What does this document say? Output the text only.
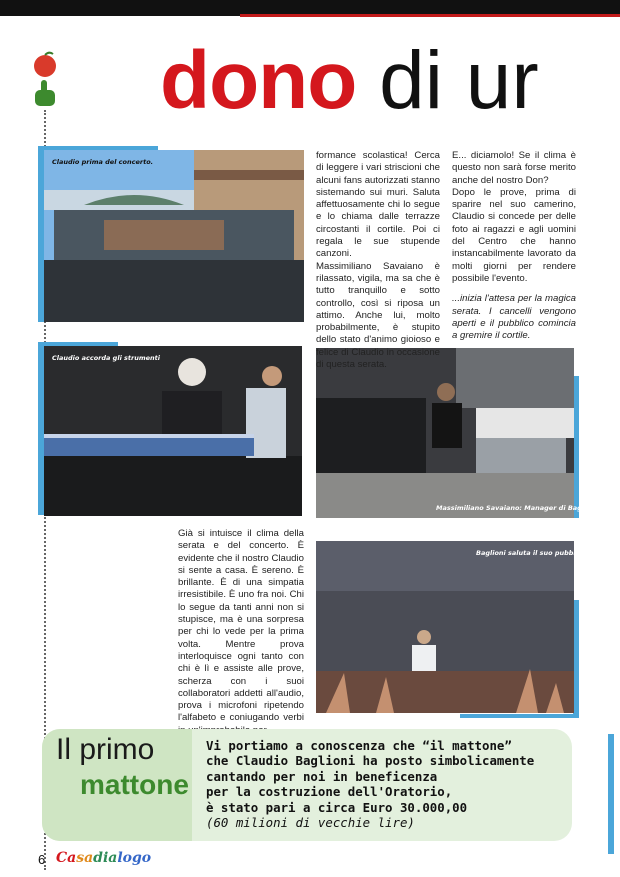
dono di ur
Claudio prima del concerto.
Claudio accorda gli strumenti
Massimiliano Savaiano: Manager di Baglioni
Baglioni saluta il suo pubblico

formance scolastica! Cerca di leggere i vari striscioni che alcuni fans autorizzati stanno sistemando sui muri. Saluta affettuosamente chi lo segue e lo chiama dalle terrazze circostanti il cortile. Poi ci regala le sue stupende canzoni.

Massimiliano Savaiano è rilassato, vigila, ma sa che è tutto tranquillo e sotto controllo, così si riposa un attimo. Anche lui, molto probabilmente, è stupito dello stato d'animo gioioso e felice di Claudio in occasione di questa serata.

E... diciamolo! Se il clima è questo non sarà forse merito anche del nostro Don?

Dopo le prove, prima di sparire nel suo camerino, Claudio si concede per delle foto ai ragazzi e agli uomini del Centro che hanno instancabilmente lavorato da molti giorni per rendere possibile l'evento.

...inizia l'attesa per la magica serata. I cancelli vengono aperti e il pubblico comincia a gremire il cortile.

Già si intuisce il clima della serata e del concerto. È evidente che il nostro Claudio si sente a casa. È sereno. È brillante. È di una simpatia irresistibile. È uno fra noi. Chi lo segue da tanti anni non si stupisce, ma è una sorpresa per chi lo vede per la prima volta. Mentre prova interloquisce ogni tanto con chi è lì e assiste alle prove, scherza con i suoi collaboratori addetti all'audio, prova i microfoni ripetendo l'alfabeto e coniugando verbi

Il primo
mattone
Vi portiamo a conoscenza che “il mattone”
che Claudio Baglioni ha posto simbolicamente
cantando per noi in beneficenza
per la costruzione dell'Oratorio,
è stato pari a circa Euro 30.000,00
(60 milioni di vecchie lire)
6 Casadialogo
